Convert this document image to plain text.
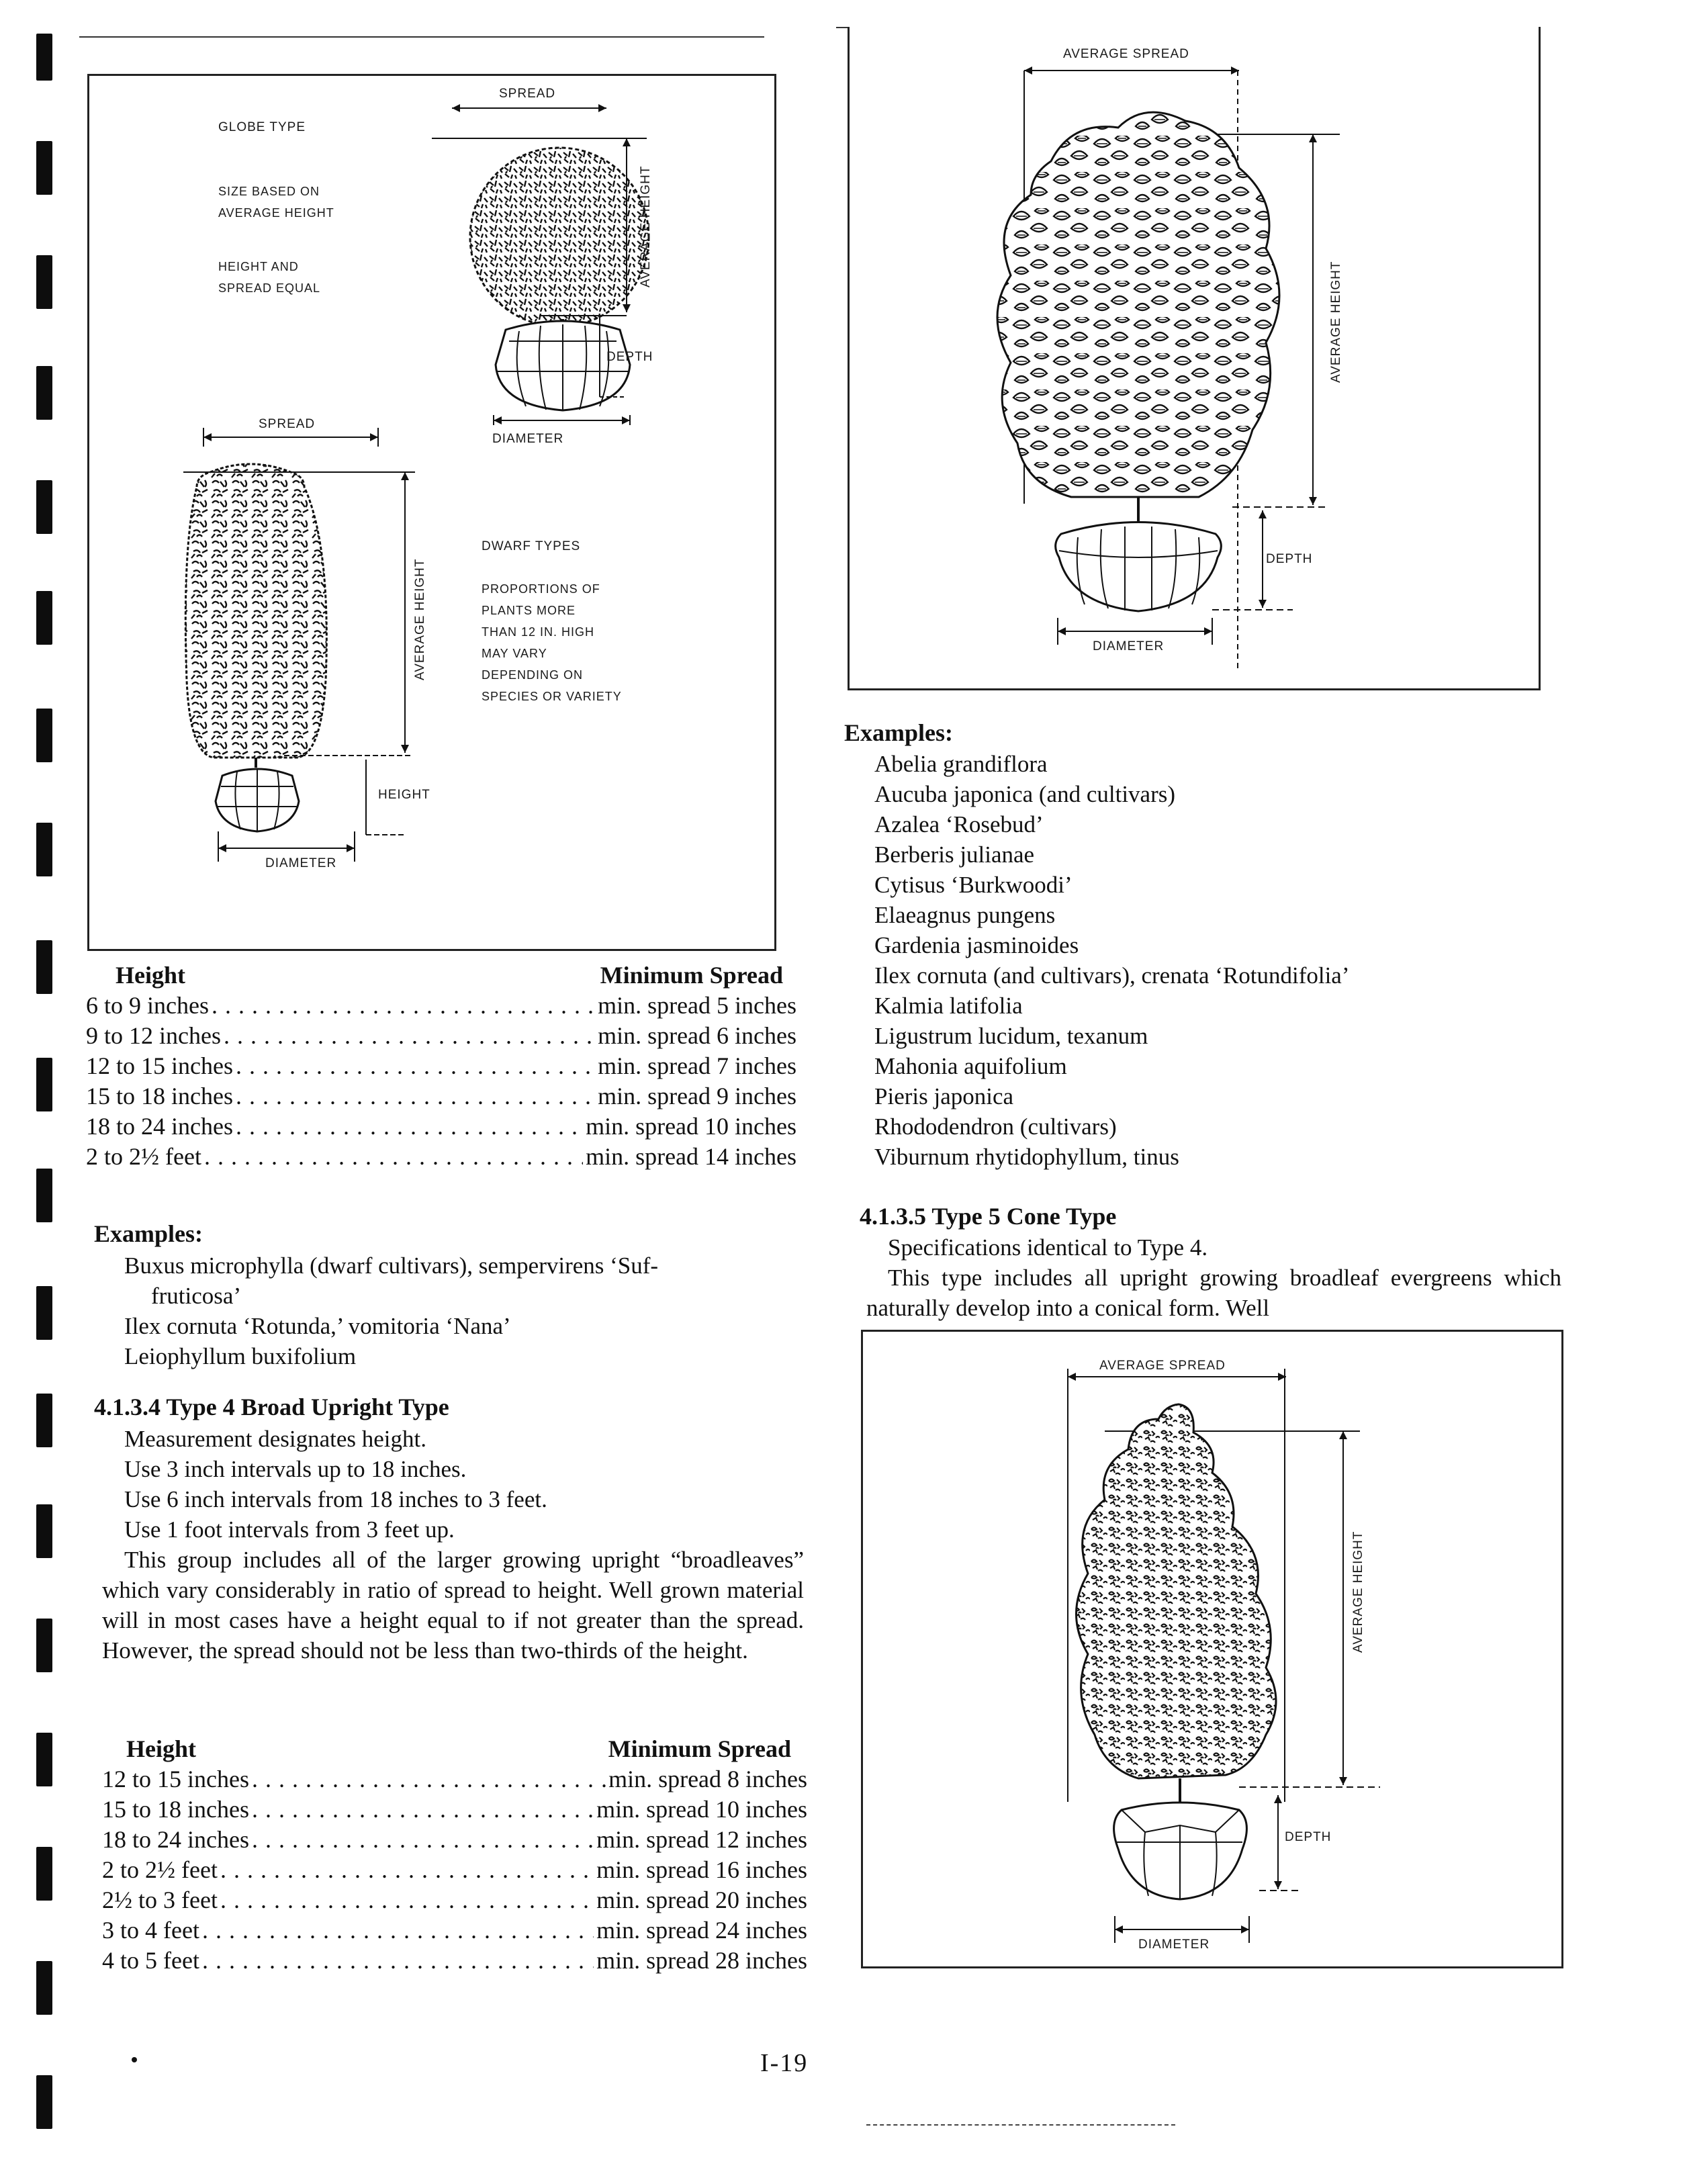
GLOBE TYPE
SIZE BASED ON
AVERAGE HEIGHT
HEIGHT AND
SPREAD EQUAL
SPREAD
AVERAGE HEIGHT
DEPTH
DIAMETER
SPREAD
AVERAGE HEIGHT
HEIGHT
DIAMETER
DWARF TYPES
PROPORTIONS OF
PLANTS MORE
THAN 12 IN. HIGH
MAY VARY
DEPENDING ON
SPECIES OR VARIETY
Height	Minimum Spread
6 to 9 inches . . .	min. spread 5 inches
9 to 12 inches . . .	min. spread 6 inches
12 to 15 inches . . .	min. spread 7 inches
15 to 18 inches . . .	min. spread 9 inches
18 to 24 inches . . .	min. spread 10 inches
2 to 2½ feet . . .	min. spread 14 inches
Examples:
Buxus microphylla (dwarf cultivars), sempervirens ‘Suf-
fruticosa’
Ilex cornuta ‘Rotunda,’ vomitoria ‘Nana’
Leiophyllum buxifolium
4.1.3.4 Type 4 Broad Upright Type
Measurement designates height.
Use 3 inch intervals up to 18 inches.
Use 6 inch intervals from 18 inches to 3 feet.
Use 1 foot intervals from 3 feet up.

This group includes all of the larger growing upright “broadleaves” which vary considerably in ratio of spread to height. Well grown material will in most cases have a height equal to if not greater than the spread. However, the spread should not be less than two-thirds of the height.

Height	Minimum Spread
12 to 15 inches . . .	min. spread 8 inches
15 to 18 inches . . .	min. spread 10 inches
18 to 24 inches . . .	min. spread 12 inches
2 to 2½ feet . . .	min. spread 16 inches
2½ to 3 feet . . .	min. spread 20 inches
3 to 4 feet . . .	min. spread 24 inches
4 to 5 feet . . .	min. spread 28 inches
AVERAGE SPREAD
AVERAGE HEIGHT
DEPTH
DIAMETER
Examples:
Abelia grandiflora
Aucuba japonica (and cultivars)
Azalea ‘Rosebud’
Berberis julianae
Cytisus ‘Burkwoodi’
Elaeagnus pungens
Gardenia jasminoides
Ilex cornuta (and cultivars), crenata ‘Rotundifolia’
Kalmia latifolia
Ligustrum lucidum, texanum
Mahonia aquifolium
Pieris japonica
Rhododendron (cultivars)
Viburnum rhytidophyllum, tinus
4.1.3.5 Type 5 Cone Type

Specifications identical to Type 4.

This type includes all upright growing broadleaf evergreens which naturally develop into a conical form. Well

AVERAGE SPREAD
AVERAGE HEIGHT
DEPTH
DIAMETER
I-19
